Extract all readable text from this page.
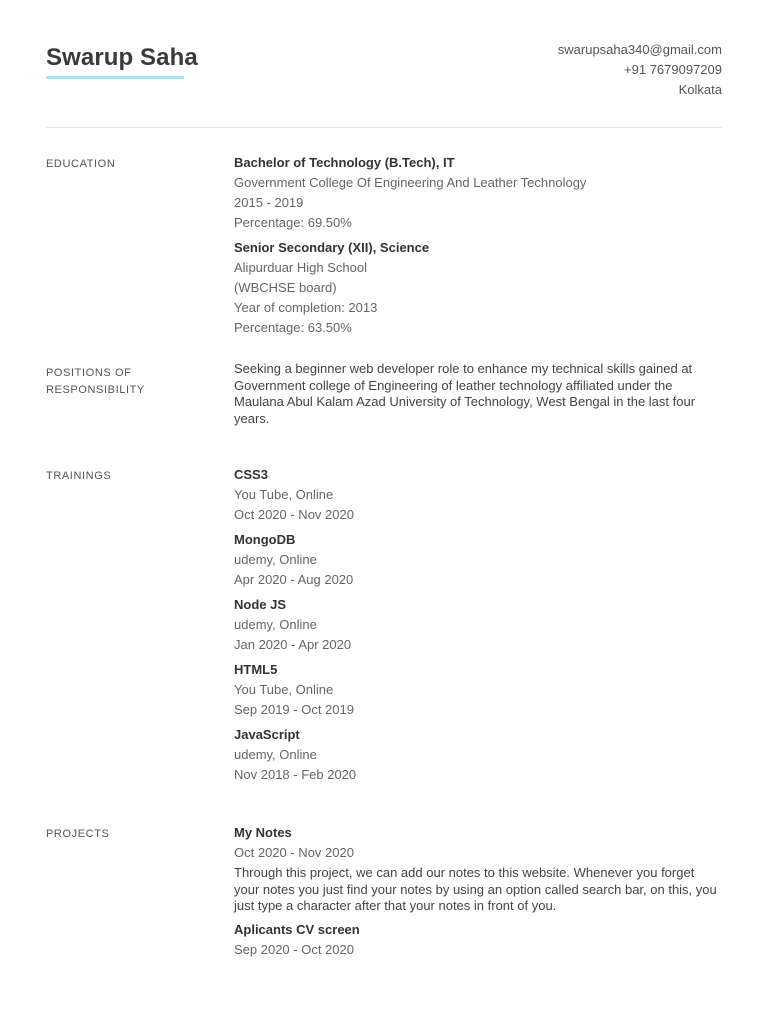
Swarup Saha	swarupsaha340@gmail.com
+91 7679097209
Kolkata
EDUCATION	Bachelor of Technology (B.Tech), IT
Government College Of Engineering And Leather Technology
2015 - 2019
Percentage: 69.50%
Senior Secondary (XII), Science
Alipurduar High School
(WBCHSE board)
Year of completion: 2013
Percentage: 63.50%
POSITIONS OF RESPONSIBILITY
Seeking a beginner web developer role to enhance my technical skills gained at Government college of Engineering of leather technology affiliated under the Maulana Abul Kalam Azad University of Technology, West Bengal in the last four years.
TRAININGS	CSS3
You Tube, Online
Oct 2020 - Nov 2020
MongoDB
udemy, Online
Apr 2020 - Aug 2020
Node JS
udemy, Online
Jan 2020 - Apr 2020
HTML5
You Tube, Online
Sep 2019 - Oct 2019
JavaScript
udemy, Online
Nov 2018 - Feb 2020
PROJECTS	My Notes
Oct 2020 - Nov 2020
Through this project, we can add our notes to this website. Whenever you forget your notes you just find your notes by using an option called search bar, on this, you just type a character after that your notes in front of you.
Aplicants CV screen
Sep 2020 - Oct 2020
